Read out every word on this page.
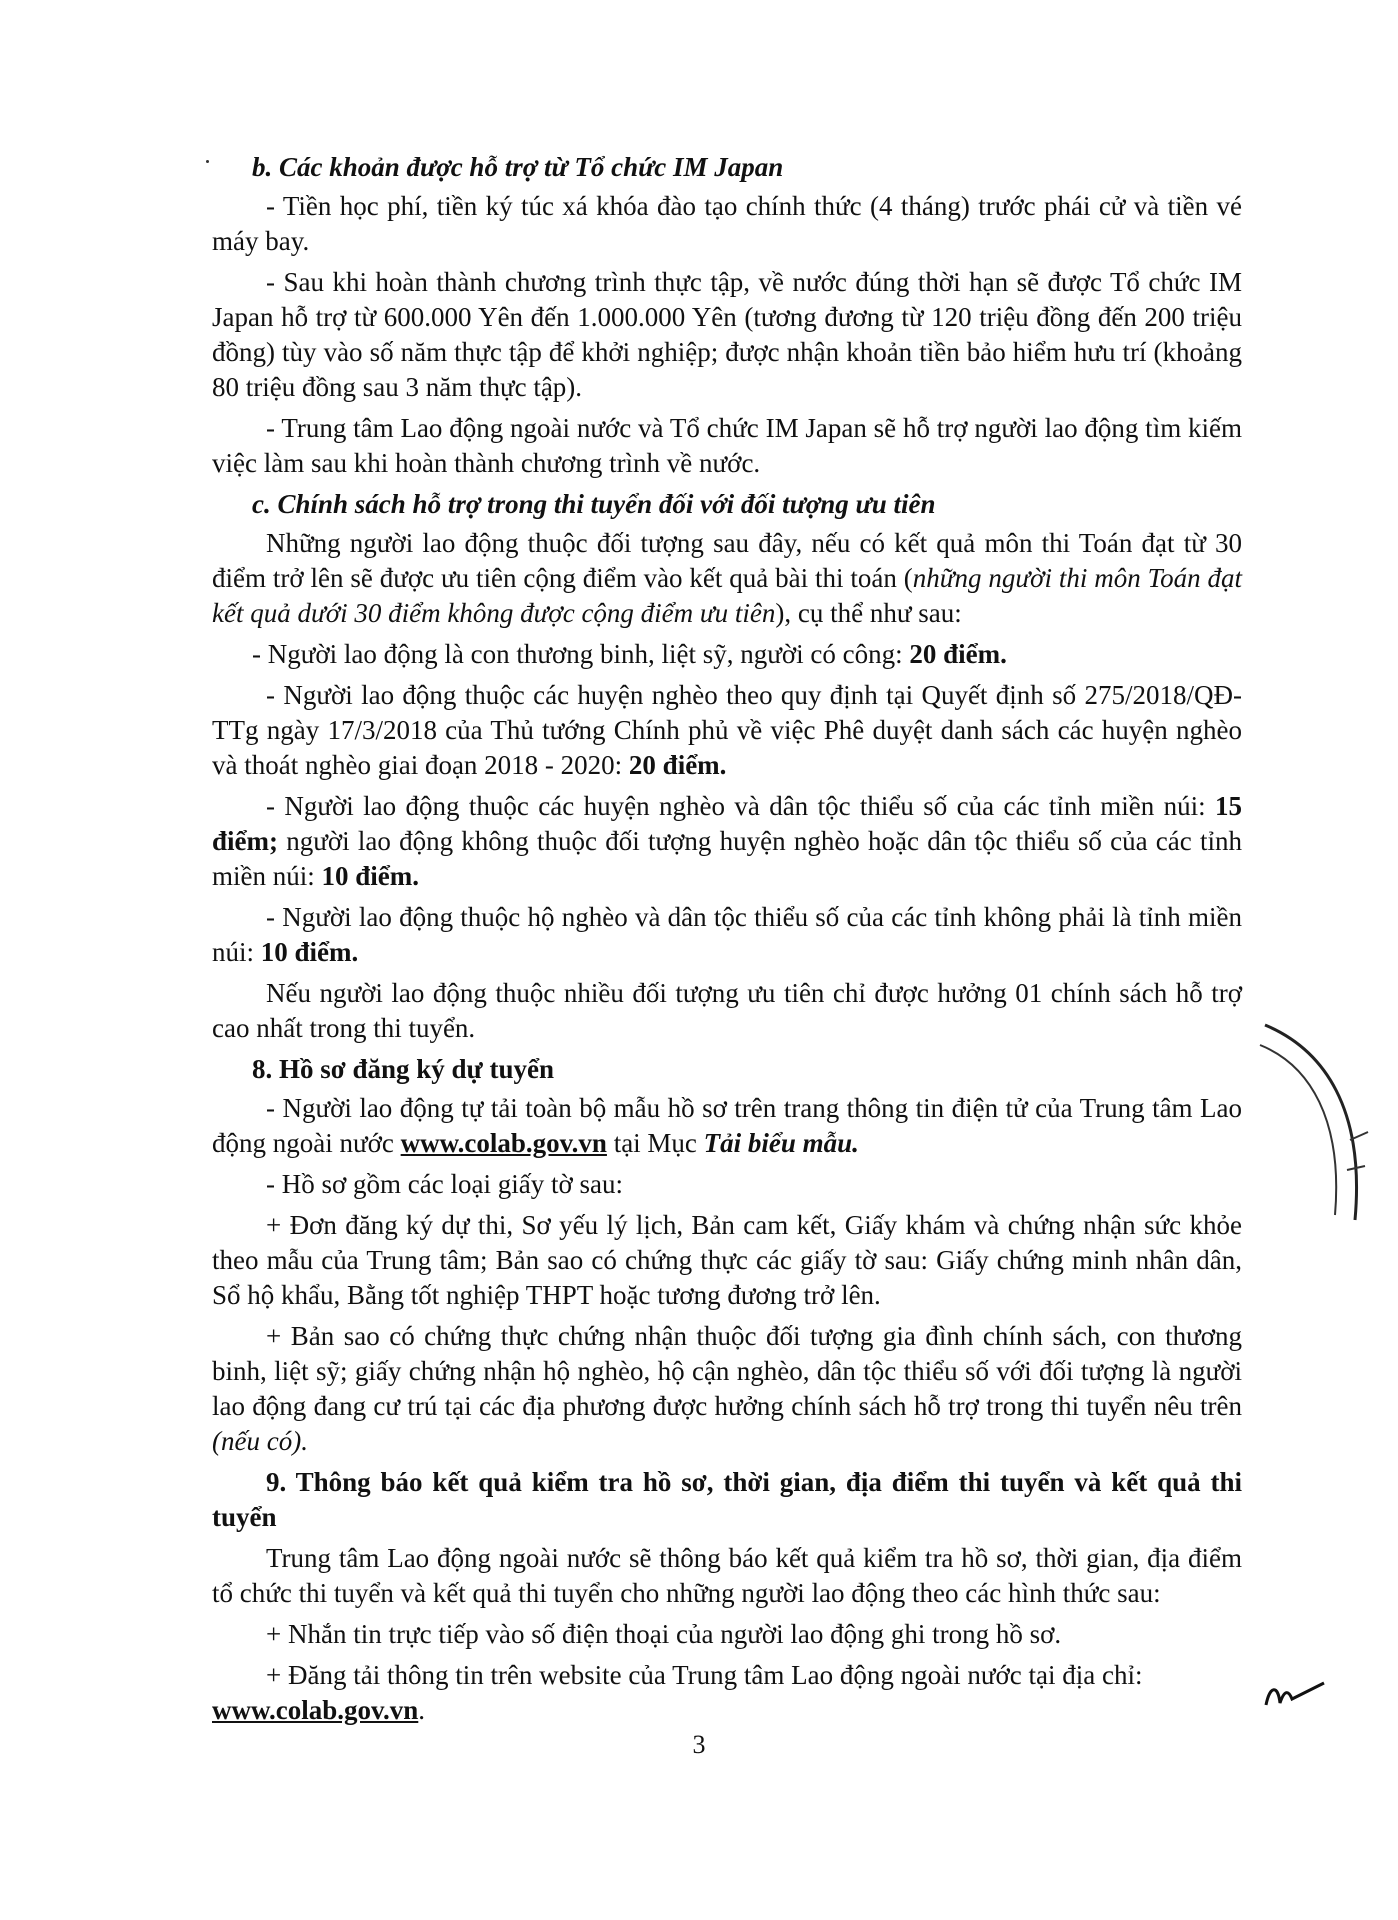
b. Các khoản được hỗ trợ từ Tổ chức IM Japan

- Tiền học phí, tiền ký túc xá khóa đào tạo chính thức (4 tháng) trước phái cử và tiền vé máy bay.

- Sau khi hoàn thành chương trình thực tập, về nước đúng thời hạn sẽ được Tổ chức IM Japan hỗ trợ từ 600.000 Yên đến 1.000.000 Yên (tương đương từ 120 triệu đồng đến 200 triệu đồng) tùy vào số năm thực tập để khởi nghiệp; được nhận khoản tiền bảo hiểm hưu trí (khoảng 80 triệu đồng sau 3 năm thực tập).

- Trung tâm Lao động ngoài nước và Tổ chức IM Japan sẽ hỗ trợ người lao động tìm kiếm việc làm sau khi hoàn thành chương trình về nước.

c. Chính sách hỗ trợ trong thi tuyển đối với đối tượng ưu tiên

Những người lao động thuộc đối tượng sau đây, nếu có kết quả môn thi Toán đạt từ 30 điểm trở lên sẽ được ưu tiên cộng điểm vào kết quả bài thi toán (những người thi môn Toán đạt kết quả dưới 30 điểm không được cộng điểm ưu tiên), cụ thể như sau:

- Người lao động là con thương binh, liệt sỹ, người có công: 20 điểm.

- Người lao động thuộc các huyện nghèo theo quy định tại Quyết định số 275/2018/QĐ-TTg ngày 17/3/2018 của Thủ tướng Chính phủ về việc Phê duyệt danh sách các huyện nghèo và thoát nghèo giai đoạn 2018 - 2020: 20 điểm.

- Người lao động thuộc các huyện nghèo và dân tộc thiểu số của các tỉnh miền núi: 15 điểm; người lao động không thuộc đối tượng huyện nghèo hoặc dân tộc thiểu số của các tỉnh miền núi: 10 điểm.

- Người lao động thuộc hộ nghèo và dân tộc thiểu số của các tỉnh không phải là tỉnh miền núi: 10 điểm.

Nếu người lao động thuộc nhiều đối tượng ưu tiên chỉ được hưởng 01 chính sách hỗ trợ cao nhất trong thi tuyển.

8. Hồ sơ đăng ký dự tuyển

- Người lao động tự tải toàn bộ mẫu hồ sơ trên trang thông tin điện tử của Trung tâm Lao động ngoài nước www.colab.gov.vn tại Mục Tải biểu mẫu.

- Hồ sơ gồm các loại giấy tờ sau:

+ Đơn đăng ký dự thi, Sơ yếu lý lịch, Bản cam kết, Giấy khám và chứng nhận sức khỏe theo mẫu của Trung tâm; Bản sao có chứng thực các giấy tờ sau: Giấy chứng minh nhân dân, Sổ hộ khẩu, Bằng tốt nghiệp THPT hoặc tương đương trở lên.

+ Bản sao có chứng thực chứng nhận thuộc đối tượng gia đình chính sách, con thương binh, liệt sỹ; giấy chứng nhận hộ nghèo, hộ cận nghèo, dân tộc thiểu số với đối tượng là người lao động đang cư trú tại các địa phương được hưởng chính sách hỗ trợ trong thi tuyển nêu trên (nếu có).

9. Thông báo kết quả kiểm tra hồ sơ, thời gian, địa điểm thi tuyển và kết quả thi tuyển

Trung tâm Lao động ngoài nước sẽ thông báo kết quả kiểm tra hồ sơ, thời gian, địa điểm tổ chức thi tuyển và kết quả thi tuyển cho những người lao động theo các hình thức sau:

+ Nhắn tin trực tiếp vào số điện thoại của người lao động ghi trong hồ sơ.

+ Đăng tải thông tin trên website của Trung tâm Lao động ngoài nước tại địa chỉ:
www.colab.gov.vn.

3
